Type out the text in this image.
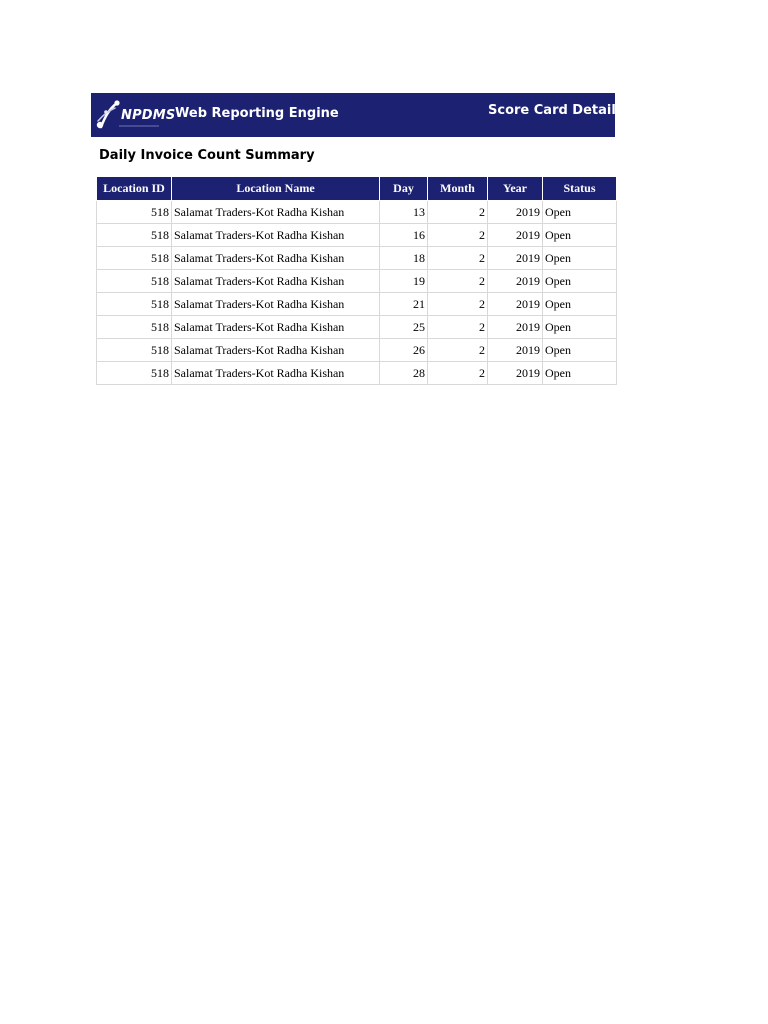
NPDMS Web Reporting Engine	Score Card Details - S
Daily Invoice Count Summary
Location ID	Location Name	Day	Month	Year	Status
518	Salamat Traders-Kot Radha Kishan	13	2	2019	Open
518	Salamat Traders-Kot Radha Kishan	16	2	2019	Open
518	Salamat Traders-Kot Radha Kishan	18	2	2019	Open
518	Salamat Traders-Kot Radha Kishan	19	2	2019	Open
518	Salamat Traders-Kot Radha Kishan	21	2	2019	Open
518	Salamat Traders-Kot Radha Kishan	25	2	2019	Open
518	Salamat Traders-Kot Radha Kishan	26	2	2019	Open
518	Salamat Traders-Kot Radha Kishan	28	2	2019	Open
